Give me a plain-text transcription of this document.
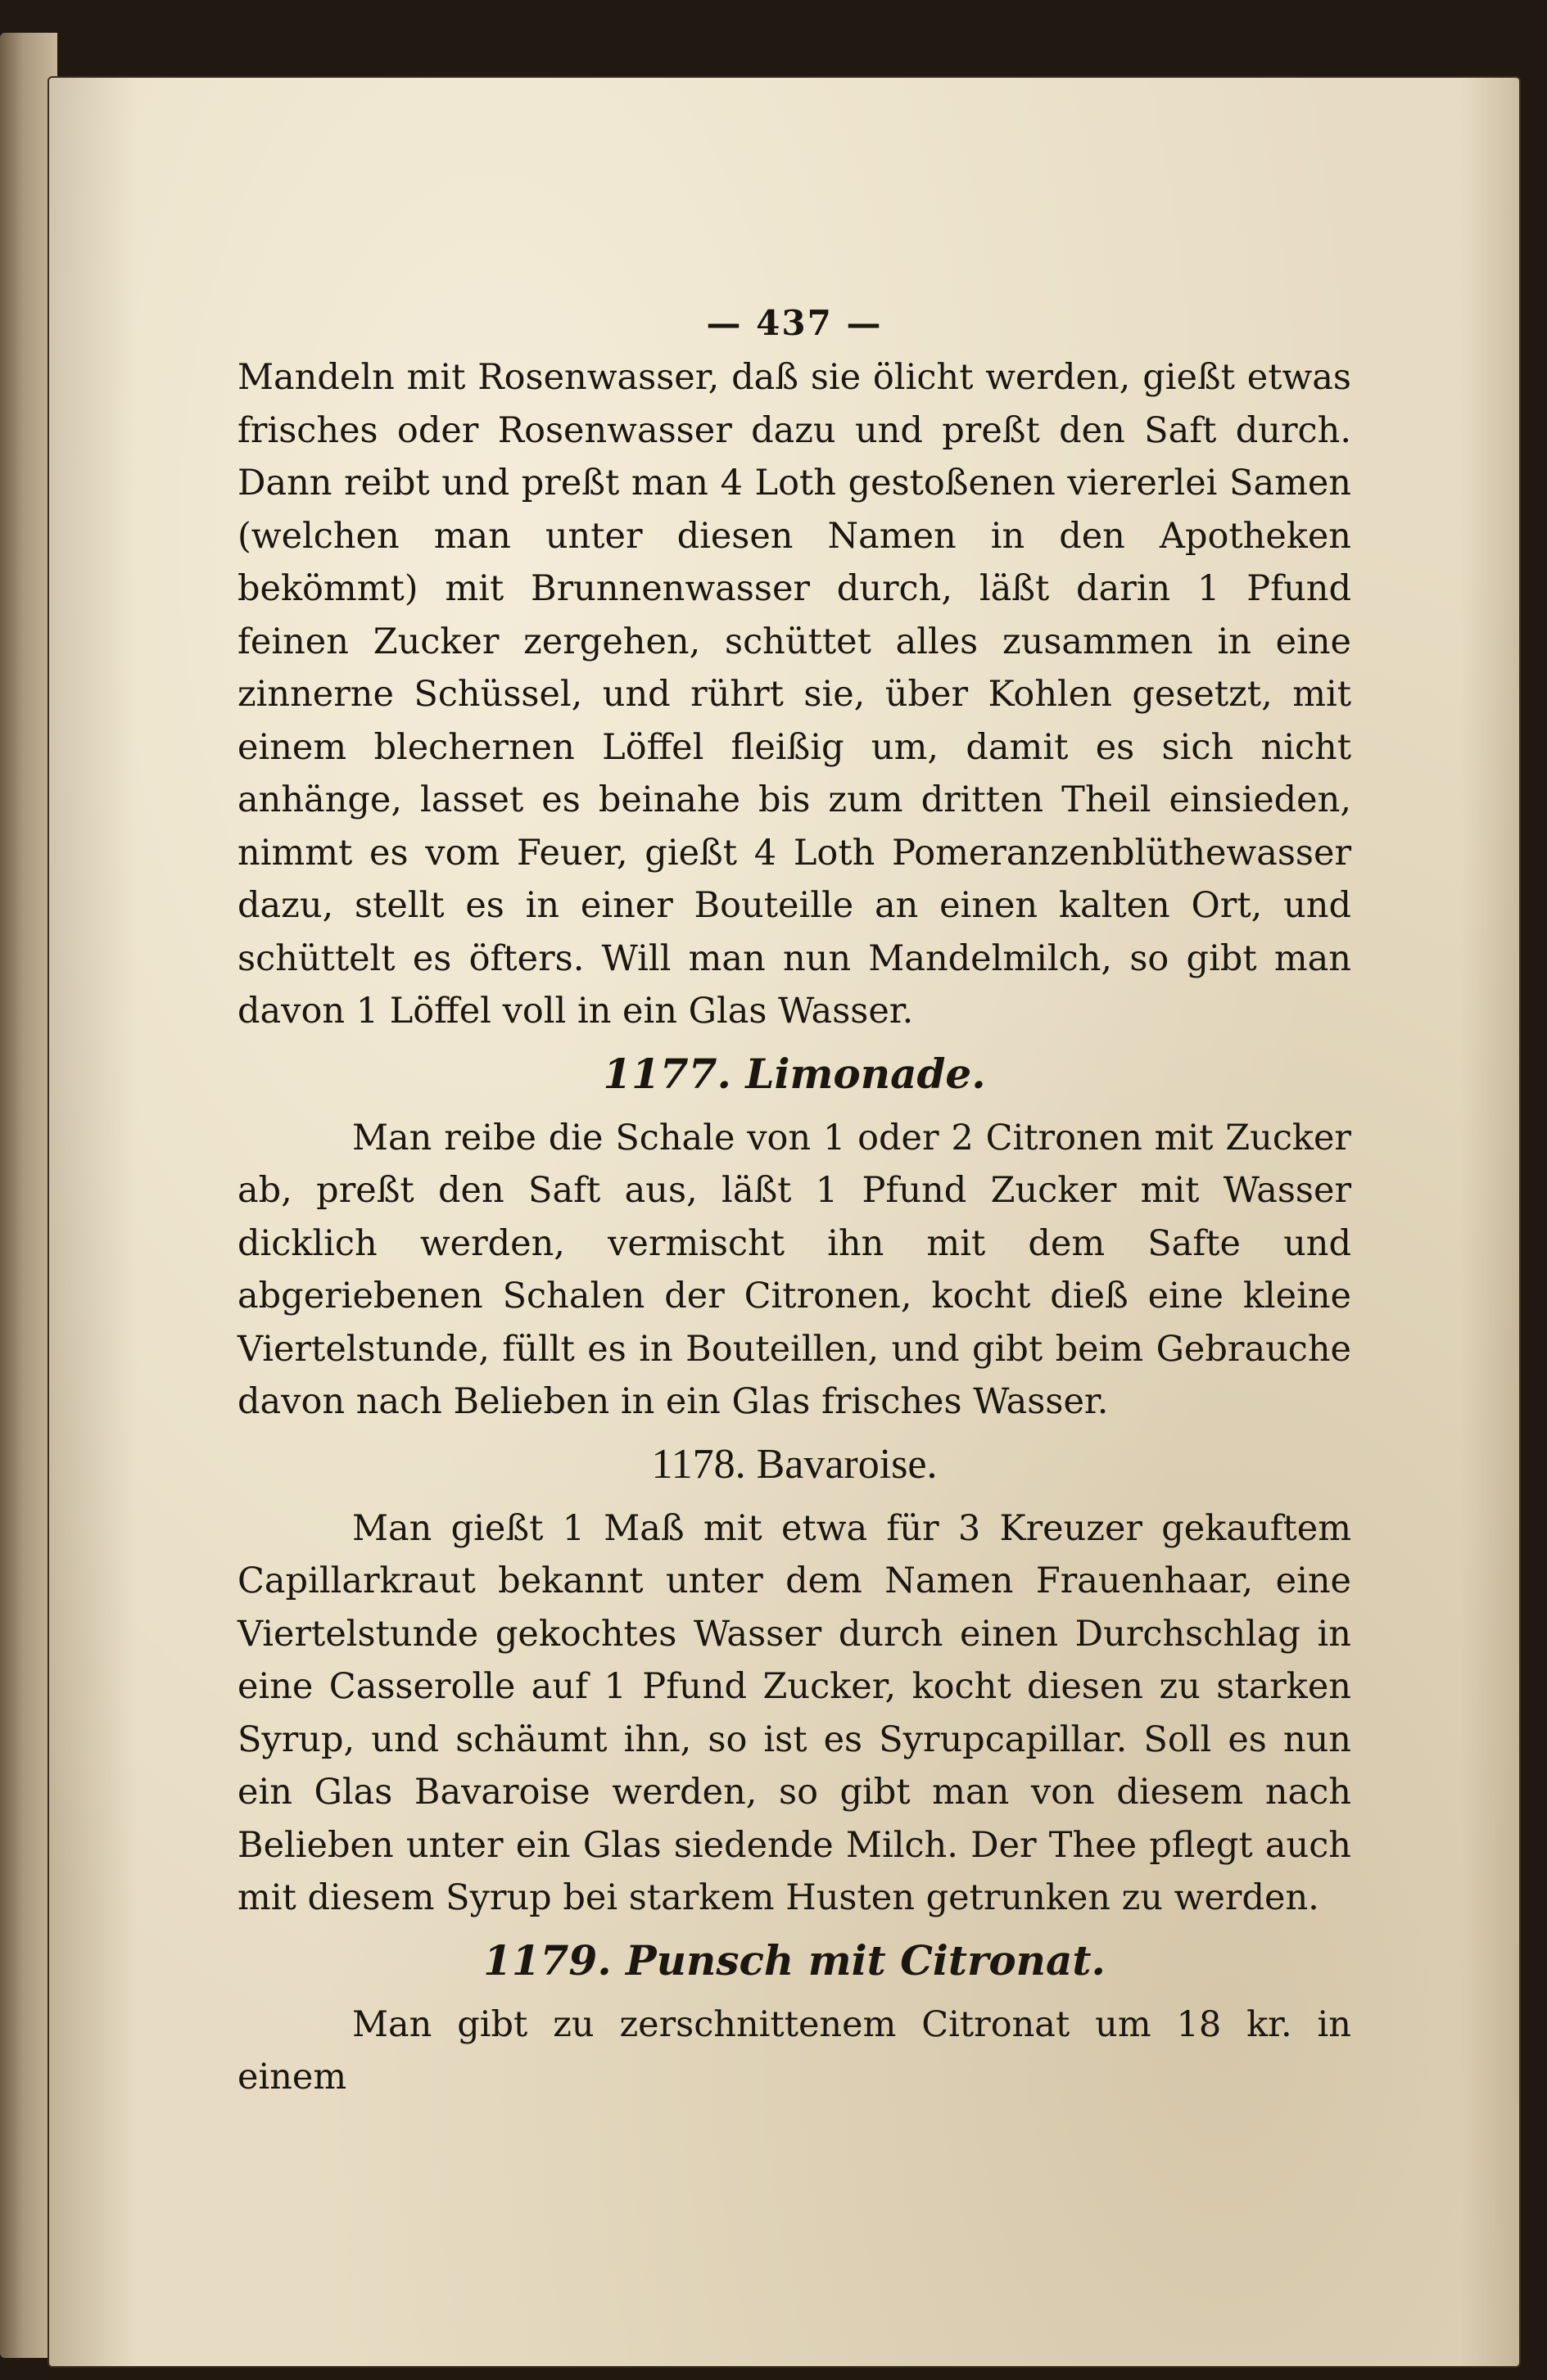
— 437 —

Mandeln mit Rosenwasser, daß sie ölicht werden, gießt etwas frisches oder Rosenwasser dazu und preßt den Saft durch. Dann reibt und preßt man 4 Loth gestoßenen viererlei Samen (welchen man unter diesen Namen in den Apotheken bekömmt) mit Brunnenwasser durch, läßt darin 1 Pfund feinen Zucker zergehen, schüttet alles zusammen in eine zinnerne Schüssel, und rührt sie, über Kohlen gesetzt, mit einem blechernen Löffel fleißig um, damit es sich nicht anhänge, lasset es beinahe bis zum dritten Theil einsieden, nimmt es vom Feuer, gießt 4 Loth Pomeranzenblüthewasser dazu, stellt es in einer Bouteille an einen kalten Ort, und schüttelt es öfters. Will man nun Mandelmilch, so gibt man davon 1 Löffel voll in ein Glas Wasser.

1177. Limonade.

Man reibe die Schale von 1 oder 2 Citronen mit Zucker ab, preßt den Saft aus, läßt 1 Pfund Zucker mit Wasser dicklich werden, vermischt ihn mit dem Safte und abgeriebenen Schalen der Citronen, kocht dieß eine kleine Viertelstunde, füllt es in Bouteillen, und gibt beim Gebrauche davon nach Belieben in ein Glas frisches Wasser.

1178. Bavaroise.

Man gießt 1 Maß mit etwa für 3 Kreuzer gekauftem Capillarkraut bekannt unter dem Namen Frauenhaar, eine Viertelstunde gekochtes Wasser durch einen Durchschlag in eine Casserolle auf 1 Pfund Zucker, kocht diesen zu starken Syrup, und schäumt ihn, so ist es Syrupcapillar. Soll es nun ein Glas Bavaroise werden, so gibt man von diesem nach Belieben unter ein Glas siedende Milch. Der Thee pflegt auch mit diesem Syrup bei starkem Husten getrunken zu werden.

1179. Punsch mit Citronat.

Man gibt zu zerschnittenem Citronat um 18 kr. in einem
